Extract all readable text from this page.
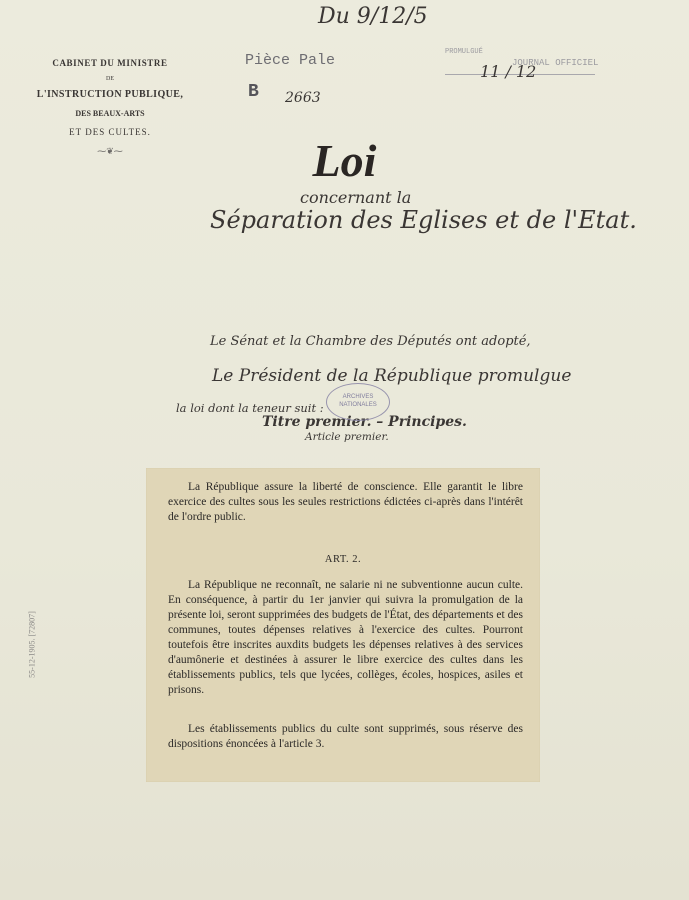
Du 9/12/5
CABINET DU MINISTRE
DE
L'INSTRUCTION PUBLIQUE,
DES BEAUX-ARTS
ET DES CULTES.
⁓❦⁓
Pièce Pale
B 2663
PROMULGUÉ
JOURNAL OFFICIEL
11 / 12
Loi
concernant la
Séparation des Eglises et de l'Etat.
Le Sénat et la Chambre des Députés ont adopté,
Le Président de la République promulgue
la loi dont la teneur suit :
Titre premier. – Principes.
Article premier.
ARCHIVES
NATIONALES
La République assure la liberté de conscience. Elle garantit le libre exercice des cultes sous les seules restrictions édictées ci-après dans l'intérêt de l'ordre public.
ART. 2.
La République ne reconnaît, ne salarie ni ne subventionne aucun culte. En conséquence, à partir du 1er janvier qui suivra la promulgation de la présente loi, seront supprimées des budgets de l'État, des départements et des communes, toutes dépenses relatives à l'exercice des cultes. Pourront toutefois être inscrites auxdits budgets les dépenses relatives à des services d'aumônerie et destinées à assurer le libre exercice des cultes dans les établissements publics, tels que lycées, collèges, écoles, hospices, asiles et prisons.
Les établissements publics du culte sont supprimés, sous réserve des dispositions énoncées à l'article 3.
55-12-1905. [72807]
